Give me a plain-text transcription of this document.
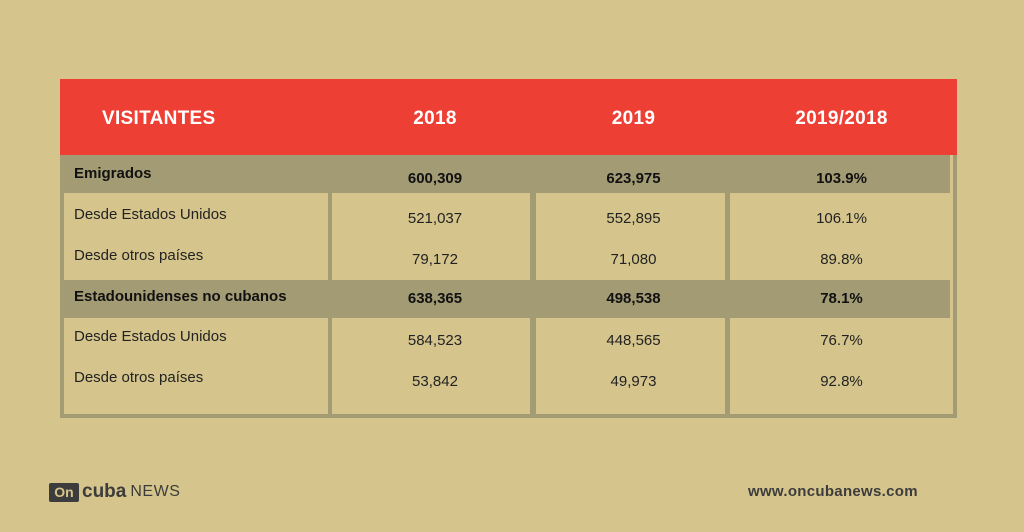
VISITANTES	2018	2019	2019/2018
Emigrados	600,309	623,975	103.9%
Desde Estados Unidos	521,037	552,895	106.1%
Desde otros países	79,172	71,080	89.8%
Estadounidenses no cubanos	638,365	498,538	78.1%
Desde Estados Unidos	584,523	448,565	76.7%
Desde otros países	53,842	49,973	92.8%
On cuba NEWS	www.oncubanews.com
